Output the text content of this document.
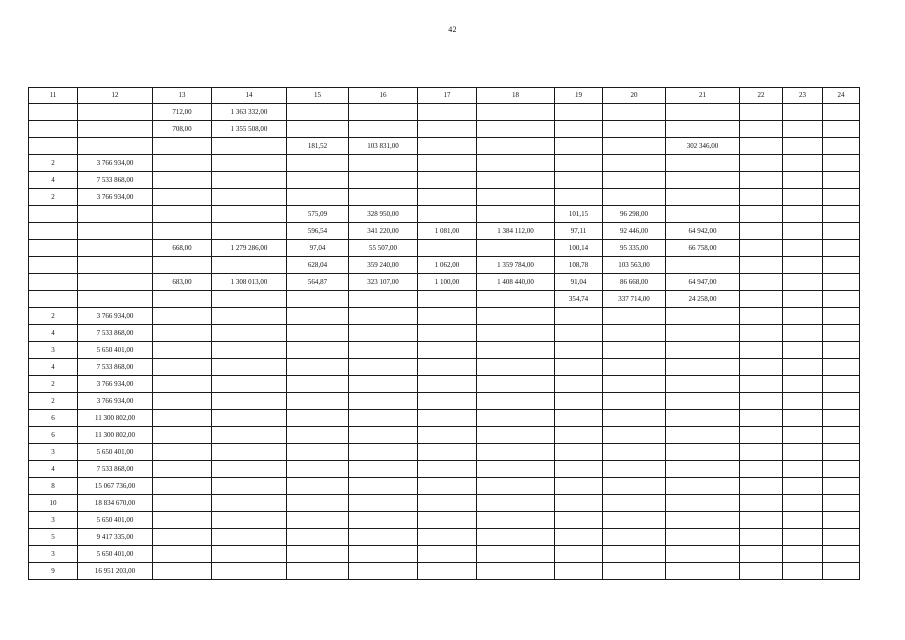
42
11	12	13	14	15	16	17	18	19	20	21	22	23	24
		712,00	1 363 332,00										
		708,00	1 355 508,00										
				181,52	103 831,00					302 346,00			
2	3 766 934,00												
4	7 533 868,00												
2	3 766 934,00												
				575,09	328 950,00			101,15	96 298,00				
				596,54	341 220,00	1 081,00	1 384 112,00	97,11	92 446,00	64 942,00			
		668,00	1 279 286,00	97,04	55 507,00			100,14	95 335,00	66 758,00			
				628,04	359 240,00	1 062,00	1 359 784,00	108,78	103 563,00				
		683,00	1 308 013,00	564,87	323 107,00	1 100,00	1 408 440,00	91,04	86 668,00	64 947,00			
								354,74	337 714,00	24 258,00			
2	3 766 934,00												
4	7 533 868,00												
3	5 650 401,00												
4	7 533 868,00												
2	3 766 934,00												
2	3 766 934,00												
6	11 300 802,00												
6	11 300 802,00												
3	5 650 401,00												
4	7 533 868,00												
8	15 067 736,00												
10	18 834 670,00												
3	5 650 401,00												
5	9 417 335,00												
3	5 650 401,00												
9	16 951 203,00												
